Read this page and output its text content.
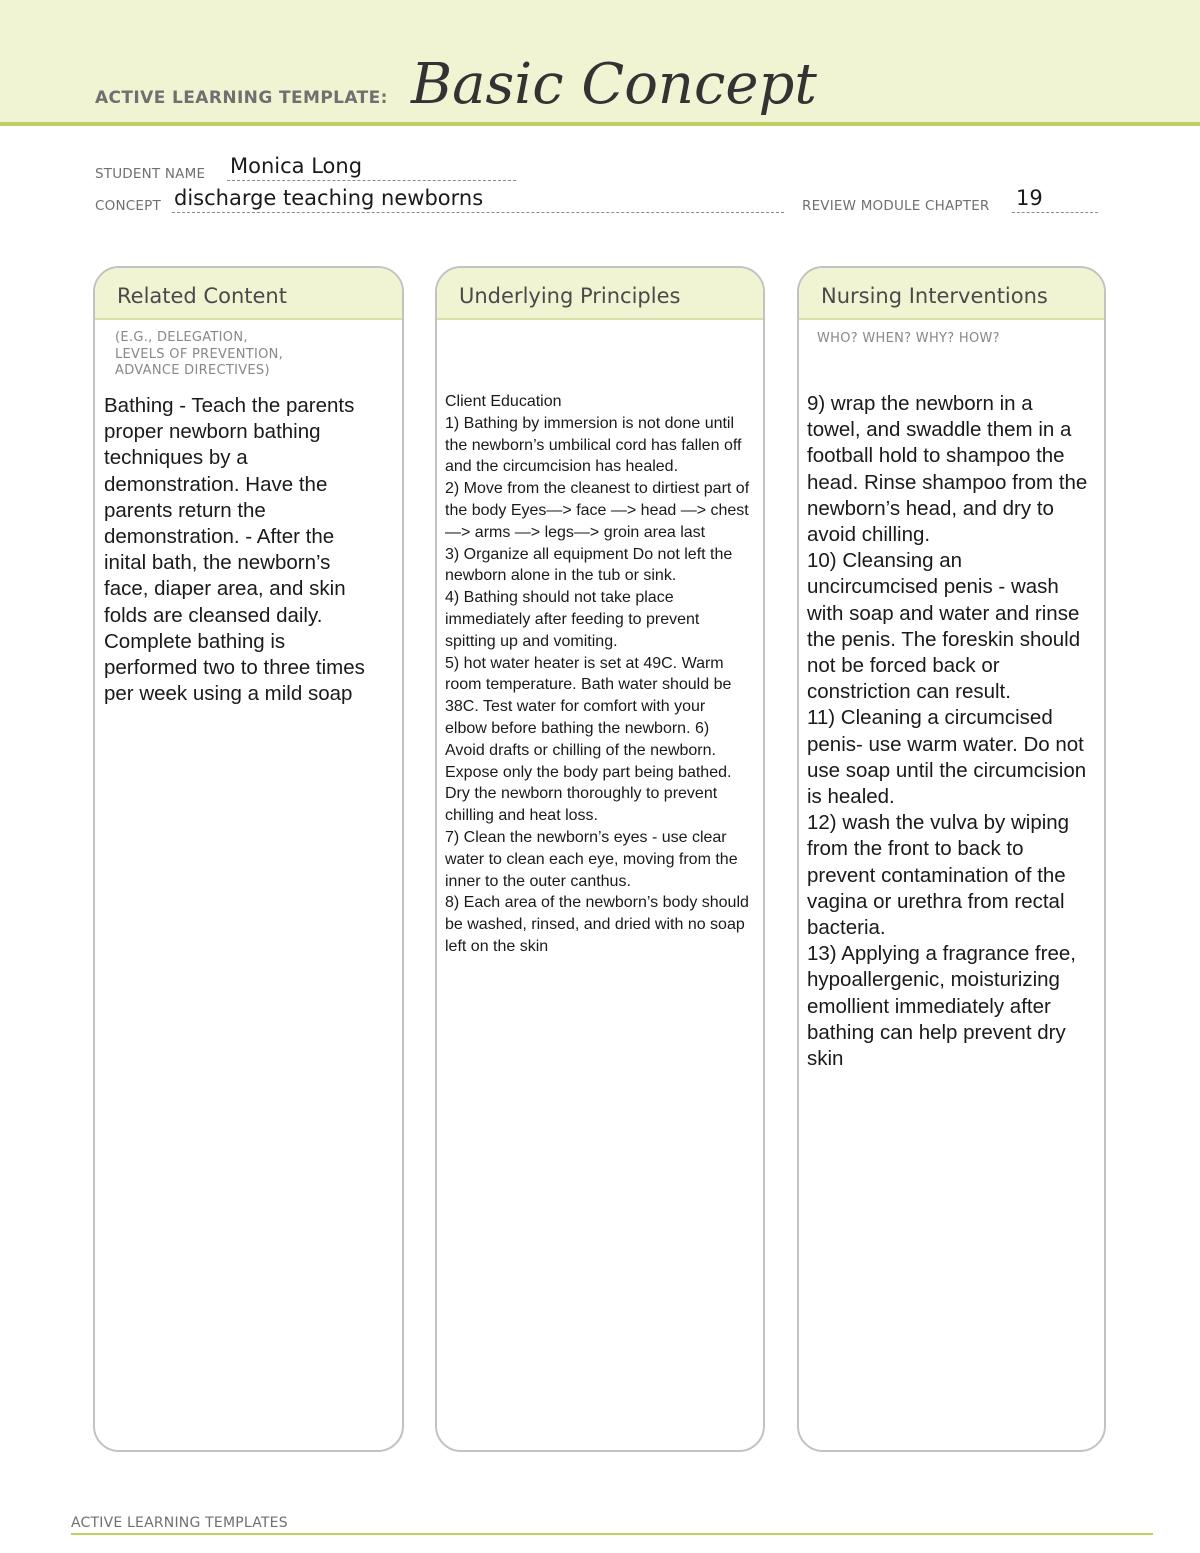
ACTIVE LEARNING TEMPLATE: Basic Concept
STUDENT NAME Monica Long
CONCEPT discharge teaching newborns	REVIEW MODULE CHAPTER 19
Related Content
(E.G., DELEGATION,
LEVELS OF PREVENTION,
ADVANCE DIRECTIVES)
Bathing - Teach the parents proper newborn bathing techniques by a demonstration. Have the parents return the demonstration. - After the inital bath, the newborn’s face, diaper area, and skin folds are cleansed daily. Complete bathing is performed two to three times per week using a mild soap
Underlying Principles
Client Education
1) Bathing by immersion is not done until the newborn’s umbilical cord has fallen off and the circumcision has healed.
2) Move from the cleanest to dirtiest part of the body Eyes—> face —> head —> chest —> arms —> legs—> groin area last
3) Organize all equipment Do not left the newborn alone in the tub or sink.
4) Bathing should not take place immediately after feeding to prevent spitting up and vomiting.
5) hot water heater is set at 49C. Warm room temperature. Bath water should be 38C. Test water for comfort with your elbow before bathing the newborn. 6) Avoid drafts or chilling of the newborn. Expose only the body part being bathed. Dry the newborn thoroughly to prevent chilling and heat loss.
7) Clean the newborn’s eyes - use clear water to clean each eye, moving from the inner to the outer canthus.
8) Each area of the newborn’s body should be washed, rinsed, and dried with no soap left on the skin
Nursing Interventions
WHO? WHEN? WHY? HOW?
9) wrap the newborn in a towel, and swaddle them in a football hold to shampoo the head. Rinse shampoo from the newborn’s head, and dry to avoid chilling.
10) Cleansing an uncircumcised penis - wash with soap and water and rinse the penis. The foreskin should not be forced back or constriction can result.
11) Cleaning a circumcised penis- use warm water. Do not use soap until the circumcision is healed.
12) wash the vulva by wiping from the front to back to prevent contamination of the vagina or urethra from rectal bacteria.
13) Applying a fragrance free, hypoallergenic, moisturizing emollient immediately after bathing can help prevent dry skin
ACTIVE LEARNING TEMPLATES
